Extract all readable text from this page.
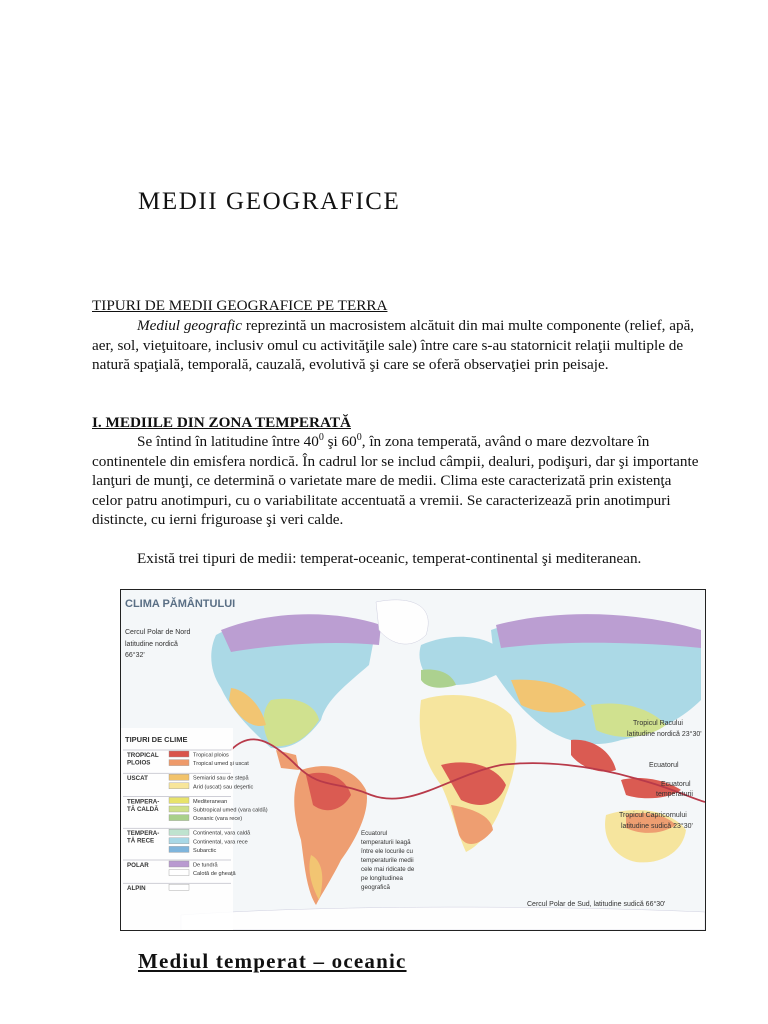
MEDII GEOGRAFICE

TIPURI DE MEDII GEOGRAFICE PE TERRA

Mediul geografic reprezintă un macrosistem alcătuit din mai multe componente (relief, apă, aer, sol, vieţuitoare, inclusiv omul cu activităţile sale) între care s-au statornicit relaţii multiple de natură spaţială, temporală, cauzală, evolutivă şi care se oferă observaţiei prin peisaje.

I. MEDIILE DIN ZONA TEMPERATĂ

Se întind în latitudine între $40^0$ şi $60^0$, în zona temperată, având o mare dezvoltare în continentele din emisfera nordică. În cadrul lor se includ câmpii, dealuri, podişuri, dar şi importante lanţuri de munţi, ce determină o varietate mare de medii. Clima este caracterizată prin existenţa celor patru anotimpuri, cu o variabilitate accentuată a vremii. Se caracterizează prin anotimpuri distincte, cu ierni friguroase şi veri calde.

Există trei tipuri de medii: temperat-oceanic, temperat-continental şi mediteranean.

CLIMA PĂMÂNTULUI
Cercul Polar de Nord
latitudine nordică
66°32'
Tropicul Racului
latitudine nordică 23°30'
Ecuatorul
Ecuatorul
temperaturii
Tropicul Capricornului
latitudine sudică 23°30'
Ecuatorul
temperaturii leagă
între ele locurile cu
temperaturile medii
cele mai ridicate de
pe longitudinea
geografică
Cercul Polar de Sud, latitudine sudică 66°30'
TIPURI DE CLIME
TROPICAL
PLOIOS
Tropical ploios
Tropical umed şi uscat
USCAT	Semiarid sau de stepă
Arid (uscat) sau deşertic
TEMPERA-
TĂ CALDĂ
Mediteranean
Subtropical umed (vara caldă)
Oceanic (vara rece)
TEMPERA-
TĂ RECE
Continental, vara caldă
Continental, vara rece
Subarctic
POLAR	De tundră
Calotă de gheaţă
ALPIN

Mediul temperat – oceanic
